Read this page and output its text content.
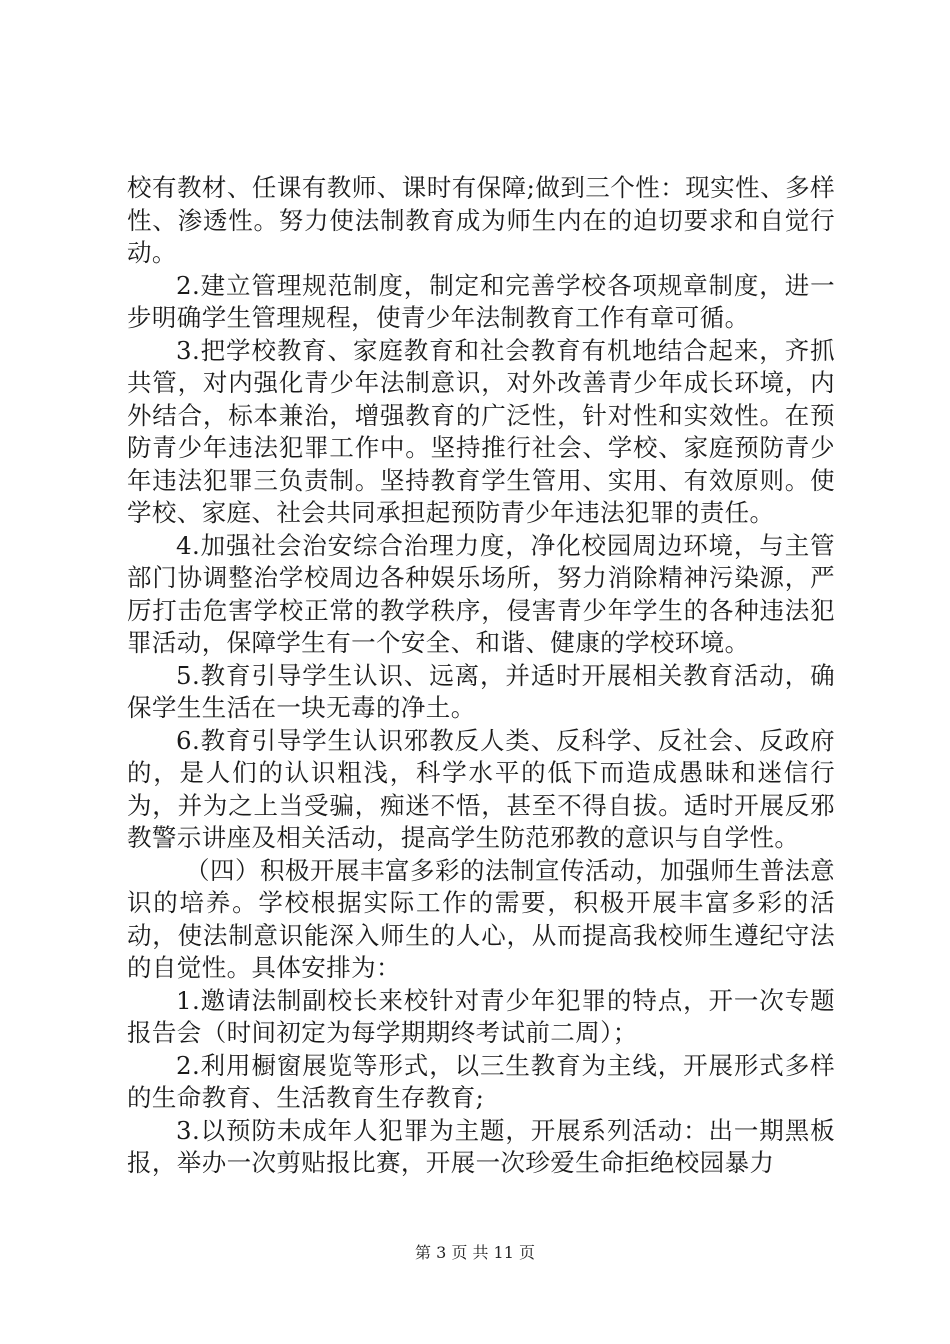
校有教材、任课有教师、课时有保障;做到三个性：现实性、多样性、渗透性。努力使法制教育成为师生内在的迫切要求和自觉行动。

2.建立管理规范制度，制定和完善学校各项规章制度，进一步明确学生管理规程，使青少年法制教育工作有章可循。

3.把学校教育、家庭教育和社会教育有机地结合起来，齐抓共管，对内强化青少年法制意识，对外改善青少年成长环境，内外结合，标本兼治，增强教育的广泛性，针对性和实效性。在预防青少年违法犯罪工作中。坚持推行社会、学校、家庭预防青少年违法犯罪三负责制。坚持教育学生管用、实用、有效原则。使学校、家庭、社会共同承担起预防青少年违法犯罪的责任。

4.加强社会治安综合治理力度，净化校园周边环境，与主管部门协调整治学校周边各种娱乐场所，努力消除精神污染源，严厉打击危害学校正常的教学秩序，侵害青少年学生的各种违法犯罪活动，保障学生有一个安全、和谐、健康的学校环境。

5.教育引导学生认识、远离，并适时开展相关教育活动，确保学生生活在一块无毒的净土。

6.教育引导学生认识邪教反人类、反科学、反社会、反政府的，是人们的认识粗浅，科学水平的低下而造成愚昧和迷信行为，并为之上当受骗，痴迷不悟，甚至不得自拔。适时开展反邪教警示讲座及相关活动，提高学生防范邪教的意识与自学性。

（四）积极开展丰富多彩的法制宣传活动，加强师生普法意识的培养。学校根据实际工作的需要，积极开展丰富多彩的活动，使法制意识能深入师生的人心，从而提高我校师生遵纪守法的自觉性。具体安排为：

1.邀请法制副校长来校针对青少年犯罪的特点，开一次专题报告会（时间初定为每学期期终考试前二周）；

2.利用橱窗展览等形式，以三生教育为主线，开展形式多样的生命教育、生活教育生存教育;

3.以预防未成年人犯罪为主题，开展系列活动：出一期黑板报，举办一次剪贴报比赛，开展一次珍爱生命拒绝校园暴力

第 3 页 共 11 页
